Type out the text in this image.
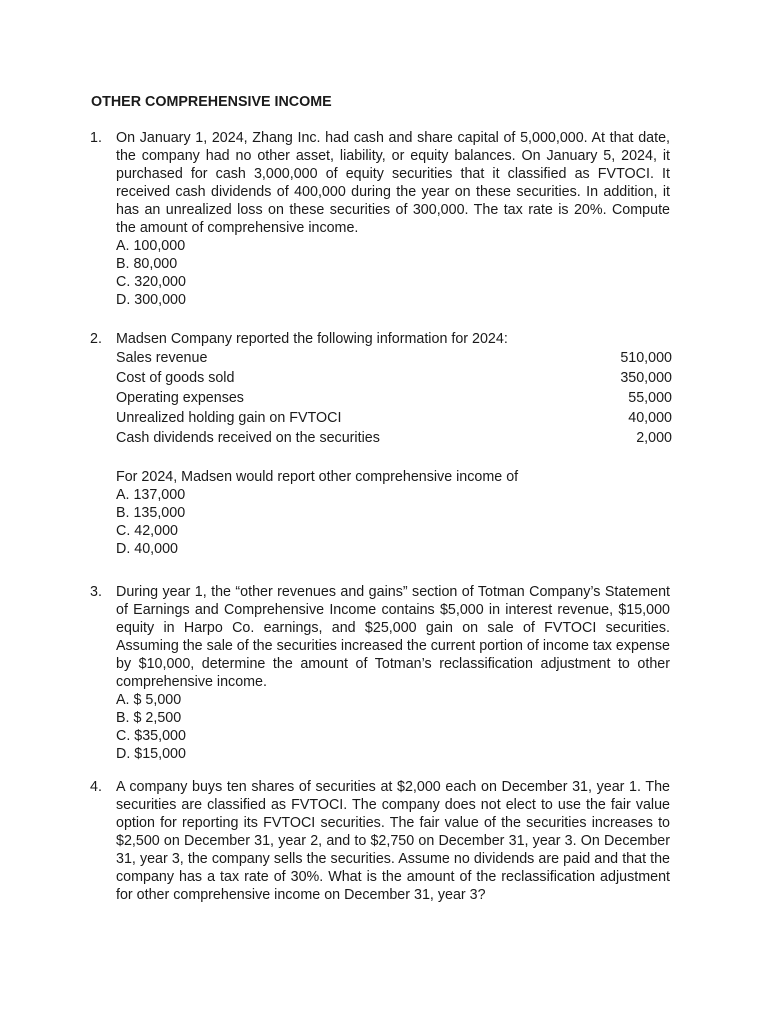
OTHER COMPREHENSIVE INCOME
1. On January 1, 2024, Zhang Inc. had cash and share capital of 5,000,000. At that date, the company had no other asset, liability, or equity balances. On January 5, 2024, it purchased for cash 3,000,000 of equity securities that it classified as FVTOCI. It received cash dividends of 400,000 during the year on these securities. In addition, it has an unrealized loss on these securities of 300,000. The tax rate is 20%. Compute the amount of comprehensive income.
A. 100,000
B. 80,000
C. 320,000
D. 300,000
2. Madsen Company reported the following information for 2024:
Sales revenue	510,000
Cost of goods sold	350,000
Operating expenses	55,000
Unrealized holding gain on FVTOCI	40,000
Cash dividends received on the securities	2,000
For 2024, Madsen would report other comprehensive income of
A. 137,000
B. 135,000
C. 42,000
D. 40,000
3. During year 1, the “other revenues and gains” section of Totman Company’s Statement of Earnings and Comprehensive Income contains $5,000 in interest revenue, $15,000 equity in Harpo Co. earnings, and $25,000 gain on sale of FVTOCI securities. Assuming the sale of the securities increased the current portion of income tax expense by $10,000, determine the amount of Totman’s reclassification adjustment to other comprehensive income.
A. $ 5,000
B. $ 2,500
C. $35,000
D. $15,000
4. A company buys ten shares of securities at $2,000 each on December 31, year 1. The securities are classified as FVTOCI. The company does not elect to use the fair value option for reporting its FVTOCI securities. The fair value of the securities increases to $2,500 on December 31, year 2, and to $2,750 on December 31, year 3. On December 31, year 3, the company sells the securities. Assume no dividends are paid and that the company has a tax rate of 30%. What is the amount of the reclassification adjustment for other comprehensive income on December 31, year 3?
